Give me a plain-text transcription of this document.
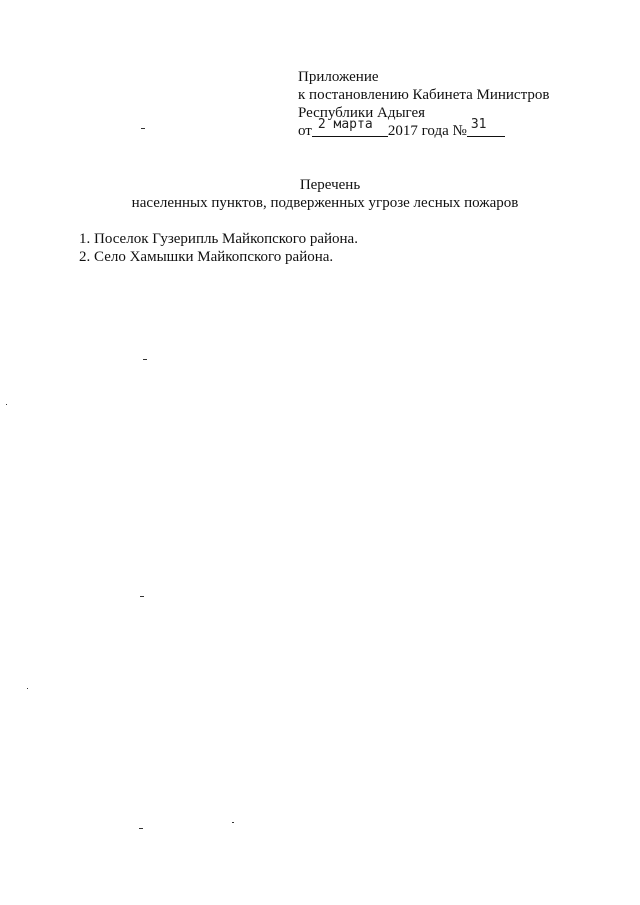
Приложение
к постановлению Кабинета Министров
Республики Адыгея
от 2 марта 2017 года № 31
Перечень
населенных пунктов, подверженных угрозе лесных пожаров
1. Поселок Гузерипль Майкопского района.
2. Село Хамышки Майкопского района.
